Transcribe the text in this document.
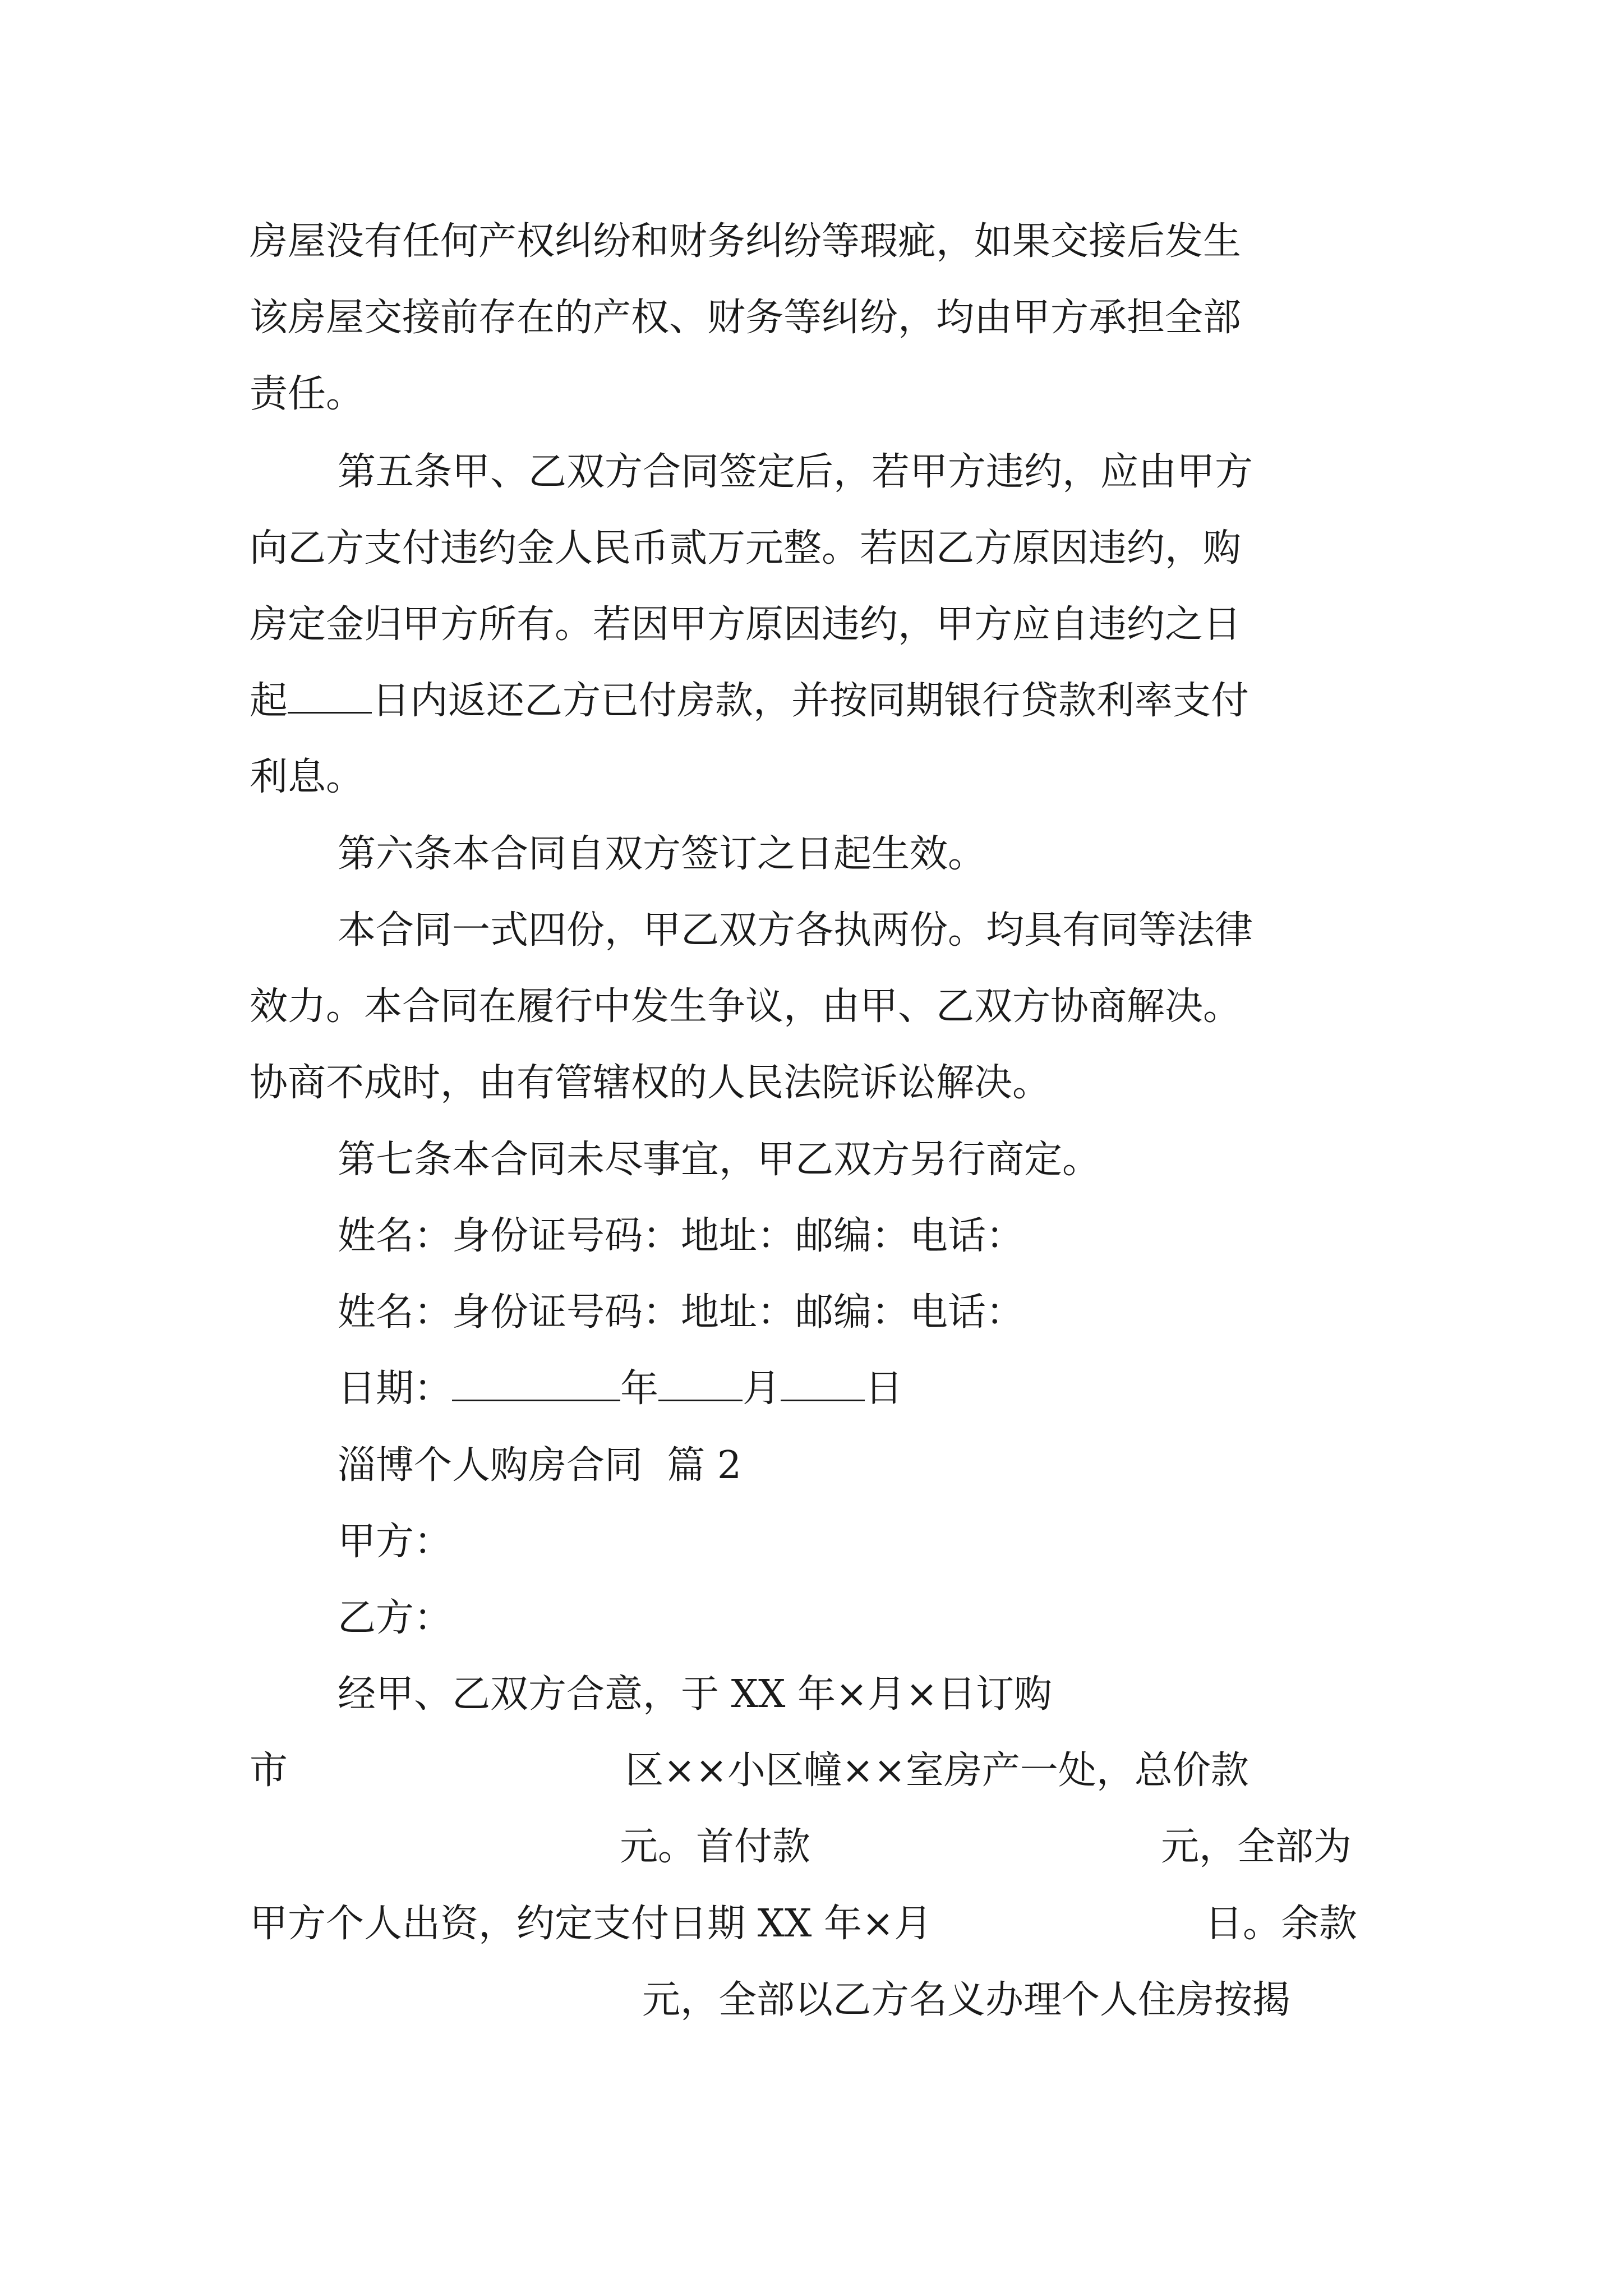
房屋没有任何产权纠纷和财务纠纷等瑕疵，如果交接后发生
该房屋交接前存在的产权、财务等纠纷，均由甲方承担全部
责任。
第五条甲、乙双方合同签定后，若甲方违约，应由甲方
向乙方支付违约金人民币贰万元整。若因乙方原因违约，购
房定金归甲方所有。若因甲方原因违约，甲方应自违约之日
起 日内返还乙方已付房款，并按同期银行贷款利率支付
利息。
第六条本合同自双方签订之日起生效。
本合同一式四份，甲乙双方各执两份。均具有同等法律
效力。本合同在履行中发生争议，由甲、乙双方协商解决。
协商不成时，由有管辖权的人民法院诉讼解决。
第七条本合同未尽事宜，甲乙双方另行商定。
姓名：身份证号码：地址：邮编：电话：
姓名：身份证号码：地址：邮编：电话：
日期：	年 月 日
淄博个人购房合同  篇 2
甲方：
乙方：
经甲、乙双方合意，于 XX 年×月×日订购
市	区××小区幢××室房产一处，总价款
元。首付款	元，全部为
甲方个人出资，约定支付日期 XX 年×月	日。余款
元，全部以乙方名义办理个人住房按揭
